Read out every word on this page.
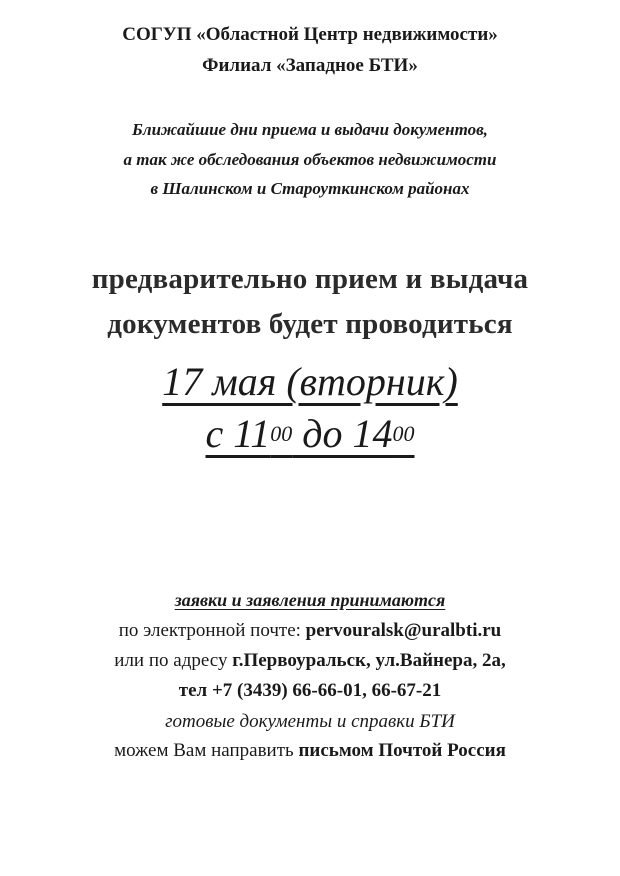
СОГУП «Областной Центр недвижимости»
Филиал «Западное БТИ»
Ближайшие дни приема и выдачи документов,
а так же обследования объектов недвижимости
в Шалинском и Староуткинском районах
предварительно прием и выдача
документов будет проводиться
17 мая (вторник)
с $11^{00}$ до $14^{00}$
заявки и заявления принимаются
по электронной почте: pervouralsk@uralbti.ru
или по адресу г.Первоуральск, ул.Вайнера, 2а,
тел +7 (3439) 66-66-01, 66-67-21
готовые документы и справки БТИ
можем Вам направить письмом Почтой Россия
